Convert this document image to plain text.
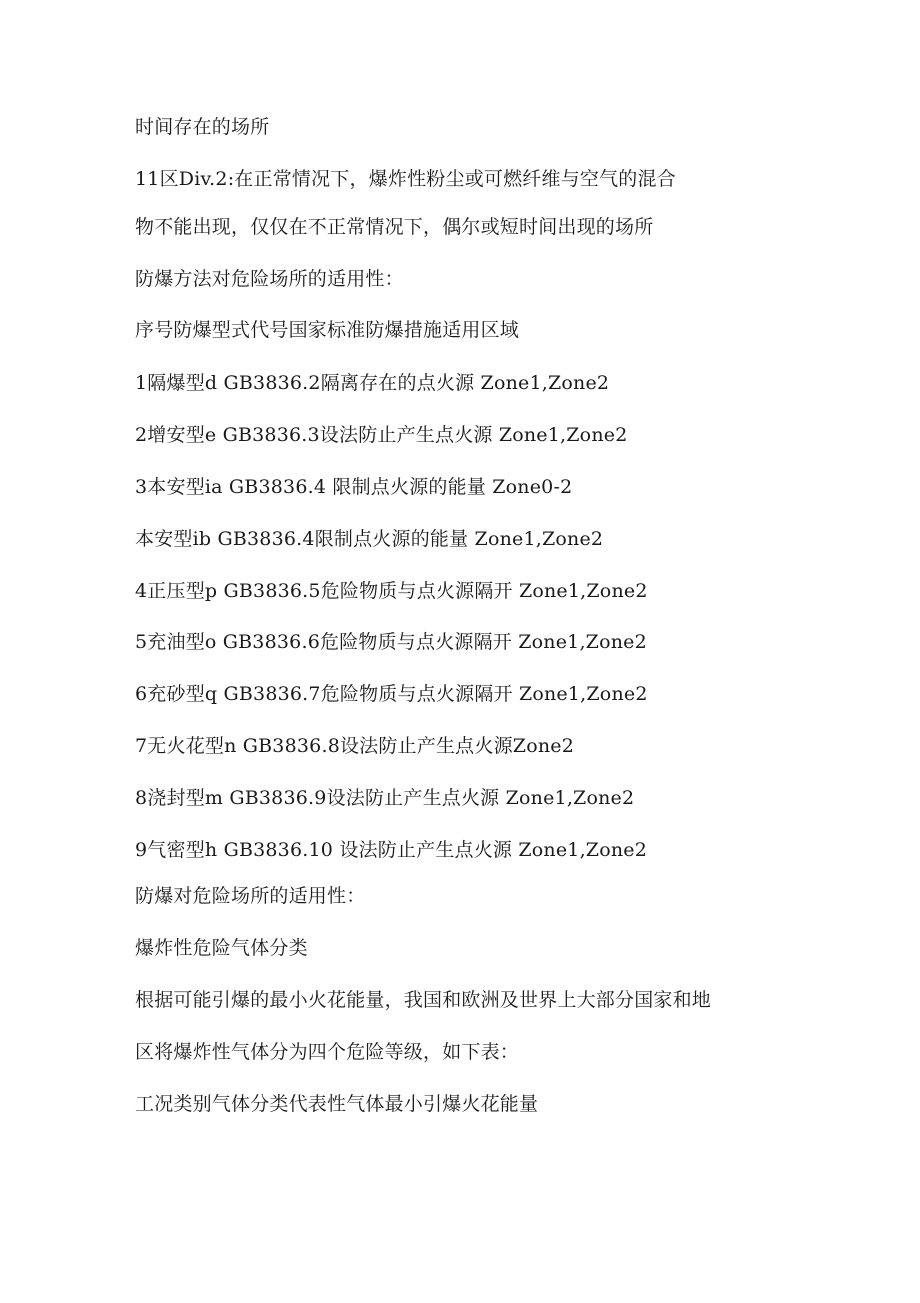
时间存在的场所
11区Div.2:在正常情况下，爆炸性粉尘或可燃纤维与空气的混合
物不能出现，仅仅在不正常情况下，偶尔或短时间出现的场所
防爆方法对危险场所的适用性：
序号防爆型式代号国家标准防爆措施适用区域
1隔爆型d GB3836.2隔离存在的点火源 Zone1,Zone2
2增安型e GB3836.3设法防止产生点火源 Zone1,Zone2
3本安型ia GB3836.4 限制点火源的能量 Zone0-2
本安型ib GB3836.4限制点火源的能量 Zone1,Zone2
4正压型p GB3836.5危险物质与点火源隔开 Zone1,Zone2
5充油型o GB3836.6危险物质与点火源隔开 Zone1,Zone2
6充砂型q GB3836.7危险物质与点火源隔开 Zone1,Zone2
7无火花型n GB3836.8设法防止产生点火源Zone2
8浇封型m GB3836.9设法防止产生点火源 Zone1,Zone2
9气密型h GB3836.10 设法防止产生点火源 Zone1,Zone2
防爆对危险场所的适用性：
爆炸性危险气体分类
根据可能引爆的最小火花能量，我国和欧洲及世界上大部分国家和地
区将爆炸性气体分为四个危险等级，如下表：
工况类别气体分类代表性气体最小引爆火花能量
